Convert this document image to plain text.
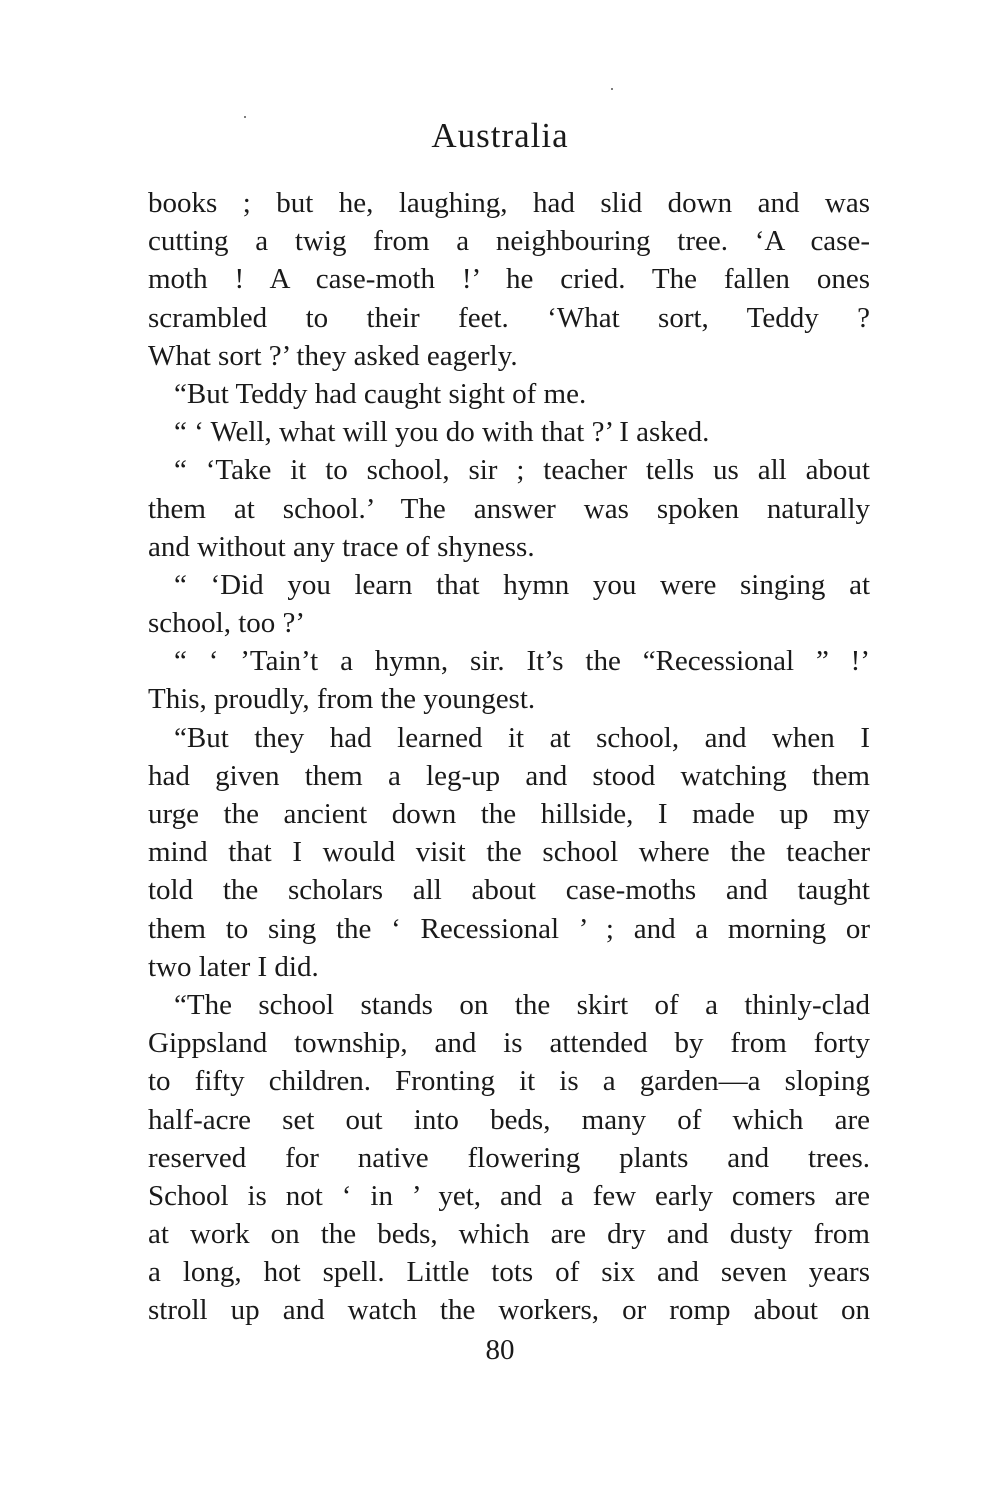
Australia
books ; but he, laughing, had slid down and was
cutting a twig from a neighbouring tree. ‘A case-
moth ! A case-moth !’ he cried. The fallen ones
scrambled to their feet. ‘What sort, Teddy ?
What sort ?’ they asked eagerly.
“But Teddy had caught sight of me.
“ ‘ Well, what will you do with that ?’ I asked.
“ ‘Take it to school, sir ; teacher tells us all about
them at school.’ The answer was spoken naturally
and without any trace of shyness.
“ ‘Did you learn that hymn you were singing at
school, too ?’
“ ‘ ’Tain’t a hymn, sir. It’s the “Recessional ” !’
This, proudly, from the youngest.
“But they had learned it at school, and when I
had given them a leg-up and stood watching them
urge the ancient down the hillside, I made up my
mind that I would visit the school where the teacher
told the scholars all about case-moths and taught
them to sing the ‘ Recessional ’ ; and a morning or
two later I did.
“The school stands on the skirt of a thinly-clad
Gippsland township, and is attended by from forty
to fifty children. Fronting it is a garden—a sloping
half-acre set out into beds, many of which are
reserved for native flowering plants and trees.
School is not ‘ in ’ yet, and a few early comers are
at work on the beds, which are dry and dusty from
a long, hot spell. Little tots of six and seven years
stroll up and watch the workers, or romp about on
80
